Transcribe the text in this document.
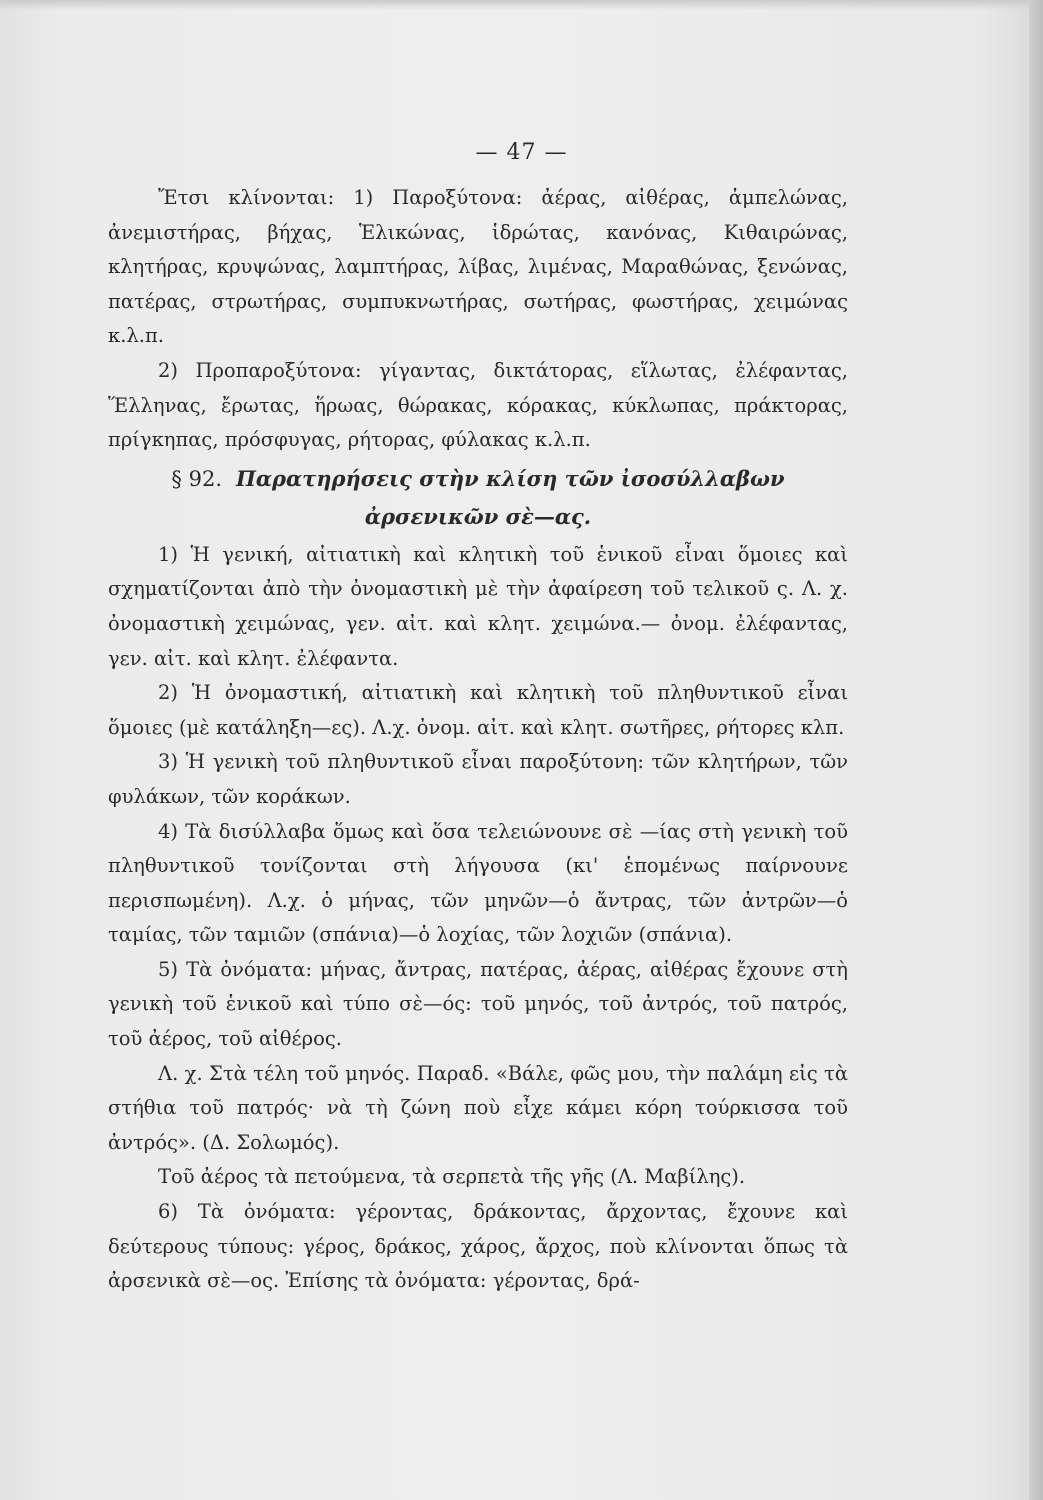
— 47 —

Ἔτσι κλίνονται: 1) Παροξύτονα: ἀέρας, αἰθέρας, ἀμπελώνας, ἀνεμιστήρας, βήχας, Ἑλικώνας, ἱδρώτας, κανόνας, Κιθαιρώνας, κλητήρας, κρυψώνας, λαμπτήρας, λίβας, λιμένας, Μαραθώνας, ξενώνας, πατέρας, στρωτήρας, συμπυκνωτήρας, σωτήρας, φωστήρας, χειμώνας κ.λ.π.

2) Προπαροξύτονα: γίγαντας, δικτάτορας, εἵλωτας, ἐλέφαντας, Ἕλληνας, ἔρωτας, ἥρωας, θώρακας, κόρακας, κύκλωπας, πράκτορας, πρίγκηπας, πρόσφυγας, ρήτορας, φύλακας κ.λ.π.

§ 92. Παρατηρήσεις στὴν κλίση τῶν ἰσοσύλλαβων
ἀρσενικῶν σὲ—ας.

1) Ἡ γενική, αἰτιατικὴ καὶ κλητικὴ τοῦ ἑνικοῦ εἶναι ὅμοιες καὶ σχηματίζονται ἀπὸ τὴν ὀνομαστικὴ μὲ τὴν ἀφαίρεση τοῦ τελικοῦ ς. Λ. χ. ὀνομαστικὴ χειμώνας, γεν. αἰτ. καὶ κλητ. χειμώνα.— ὀνομ. ἐλέφαντας, γεν. αἰτ. καὶ κλητ. ἐλέφαντα.

2) Ἡ ὀνομαστική, αἰτιατικὴ καὶ κλητικὴ τοῦ πληθυντικοῦ εἶναι ὅμοιες (μὲ κατάληξη—ες). Λ.χ. ὀνομ. αἰτ. καὶ κλητ. σωτῆρες, ρήτορες κλπ.

3) Ἡ γενικὴ τοῦ πληθυντικοῦ εἶναι παροξύτονη: τῶν κλητήρων, τῶν φυλάκων, τῶν κοράκων.

4) Τὰ δισύλλαβα ὅμως καὶ ὅσα τελειώνουνε σὲ —ίας στὴ γενικὴ τοῦ πληθυντικοῦ τονίζονται στὴ λήγουσα (κι' ἑπομένως παίρνουνε περισπωμένη). Λ.χ. ὁ μήνας, τῶν μηνῶν—ὁ ἄντρας, τῶν ἀντρῶν—ὁ ταμίας, τῶν ταμιῶν (σπάνια)—ὁ λοχίας, τῶν λοχιῶν (σπάνια).

5) Τὰ ὀνόματα: μήνας, ἄντρας, πατέρας, ἀέρας, αἰθέρας ἔχουνε στὴ γενικὴ τοῦ ἑνικοῦ καὶ τύπο σὲ—ός: τοῦ μηνός, τοῦ ἀντρός, τοῦ πατρός, τοῦ ἀέρος, τοῦ αἰθέρος.

Λ. χ. Στὰ τέλη τοῦ μηνός. Παραδ. «Βάλε, φῶς μου, τὴν παλάμη εἰς τὰ στήθια τοῦ πατρός· νὰ τὴ ζώνη ποὺ εἶχε κάμει κόρη τούρκισσα τοῦ ἀντρός». (Δ. Σολωμός).

Τοῦ ἀέρος τὰ πετούμενα, τὰ σερπετὰ τῆς γῆς (Λ. Μαβίλης).

6) Τὰ ὀνόματα: γέροντας, δράκοντας, ἄρχοντας, ἔχουνε καὶ δεύτερους τύπους: γέρος, δράκος, χάρος, ἄρχος, ποὺ κλίνονται ὅπως τὰ ἀρσενικὰ σὲ—ος. Ἐπίσης τὰ ὀνόματα: γέροντας, δρά-
